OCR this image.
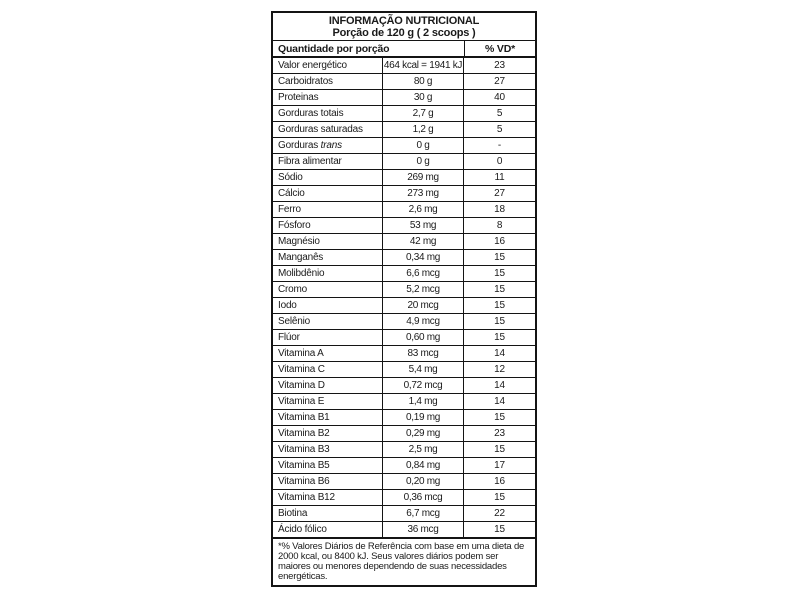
INFORMAÇÃO NUTRICIONAL
Porção de 120 g ( 2 scoops )
Quantidade por porção	% VD*
Valor energético	464 kcal = 1941 kJ	23
Carboidratos	80 g	27
Proteinas	30 g	40
Gorduras totais	2,7 g	5
Gorduras saturadas	1,2 g	5
Gorduras trans	0 g	-
Fibra alimentar	0 g	0
Sódio	269 mg	11
Cálcio	273 mg	27
Ferro	2,6 mg	18
Fósforo	53 mg	8
Magnésio	42 mg	16
Manganês	0,34 mg	15
Molibdênio	6,6 mcg	15
Cromo	5,2 mcg	15
Iodo	20 mcg	15
Selênio	4,9 mcg	15
Flúor	0,60 mg	15
Vitamina A	83 mcg	14
Vitamina C	5,4 mg	12
Vitamina D	0,72 mcg	14
Vitamina E	1,4 mg	14
Vitamina B1	0,19 mg	15
Vitamina B2	0,29 mg	23
Vitamina B3	2,5 mg	15
Vitamina B5	0,84 mg	17
Vitamina B6	0,20 mg	16
Vitamina B12	0,36 mcg	15
Biotina	6,7 mcg	22
Ácido fólico	36 mcg	15
*% Valores Diários de Referência com base em uma dieta de 2000 kcal, ou 8400 kJ. Seus valores diários podem ser maiores ou menores dependendo de suas necessidades energéticas.
